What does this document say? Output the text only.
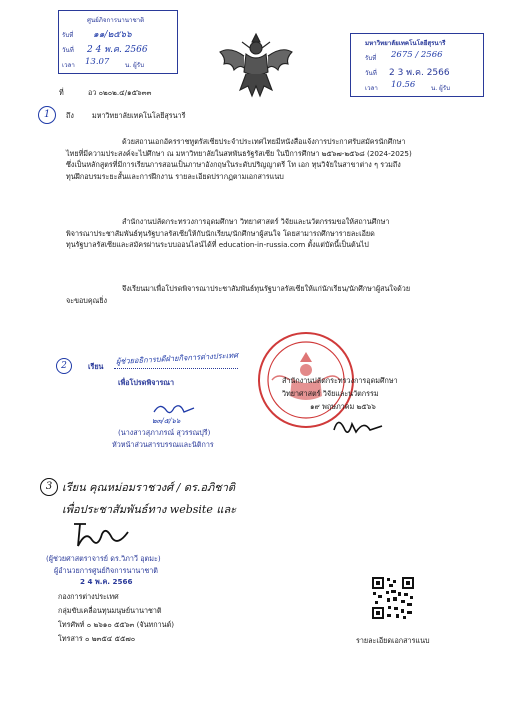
ศูนย์ภิจการนานาชาติ
รับที่ ๑๑/๒๕๖๖
วันที่ 2 4 พ.ค. 2566
เวลา 13.07	น. ผู้รับ
มหาวิทยาลัยเทคโนโลยีสุรนารี
รับที่ 2675 / 2566
วันที่ 2 3 พ.ค. 2566
เวลา 10.56	น. ผู้รับ
ที่	อว ๐๒๐๒.๔/๑๕๖๓๓
1	ถึง	มหาวิทยาลัยเทคโนโลยีสุรนารี
ด้วยสถานเอกอัครราชทูตรัสเซียประจำประเทศไทยมีหนังสือแจ้งการประกาศรับสมัครนักศึกษา
ไทยที่มีความประสงค์จะไปศึกษา ณ มหาวิทยาลัยในสหพันธรัฐรัสเซีย ในปีการศึกษา ๒๕๖๗-๒๕๖๘ (2024-2025)
ซึ่งเป็นหลักสูตรที่มีการเรียนการสอนเป็นภาษาอังกฤษในระดับปริญญาตรี โท เอก ทุนวิจัยในสาขาต่าง ๆ รวมถึง
ทุนฝึกอบรมระยะสั้นและการฝึกงาน รายละเอียดปรากฏตามเอกสารแนบ
สำนักงานปลัดกระทรวงการอุดมศึกษา วิทยาศาสตร์ วิจัยและนวัตกรรมขอให้สถานศึกษา
พิจารณาประชาสัมพันธ์ทุนรัฐบาลรัสเซียให้กับนักเรียน/นักศึกษาผู้สนใจ โดยสามารถศึกษารายละเอียด
ทุนรัฐบาลรัสเซียและสมัครผ่านระบบออนไลน์ได้ที่ education-in-russia.com ตั้งแต่บัดนี้เป็นต้นไป
จึงเรียนมาเพื่อโปรดพิจารณาประชาสัมพันธ์ทุนรัฐบาลรัสเซียให้แก่นักเรียน/นักศึกษาผู้สนใจด้วย
จะขอบคุณยิ่ง
สำนักงานปลัดกระทรวงการอุดมศึกษา
วิทยาศาสตร์ วิจัยและนวัตกรรม
๑๙ พฤษภาคม ๒๕๖๖
2	เรียน
ผู้ช่วยอธิการบดีฝ่ายกิจการต่างประเทศ
เพื่อโปรดพิจารณา
๒๓/๕/๖๖
(นางสาวสุภาภรณ์ สุวรรณปุรี)
หัวหน้าส่วนสารบรรณและนิติการ
3 เรียน คุณหม่อมราชวงศ์ / ดร.อภิชาติ
เพื่อประชาสัมพันธ์ทาง website และ
(ผู้ช่วยศาสตราจารย์ ดร.วิภาวี อุตมะ)
ผู้อำนวยการศูนย์กิจการนานาชาติ
2 4 พ.ค. 2566
กองการต่างประเทศ
กลุ่มขับเคลื่อนทุนมนุษย์นานาชาติ
โทรศัพท์ ๐ ๒๖๑๐ ๕๕๖๓ (จันทกานต์)
โทรสาร ๐ ๒๓๕๔ ๕๕๗๐	รายละเอียดเอกสารแนบ
